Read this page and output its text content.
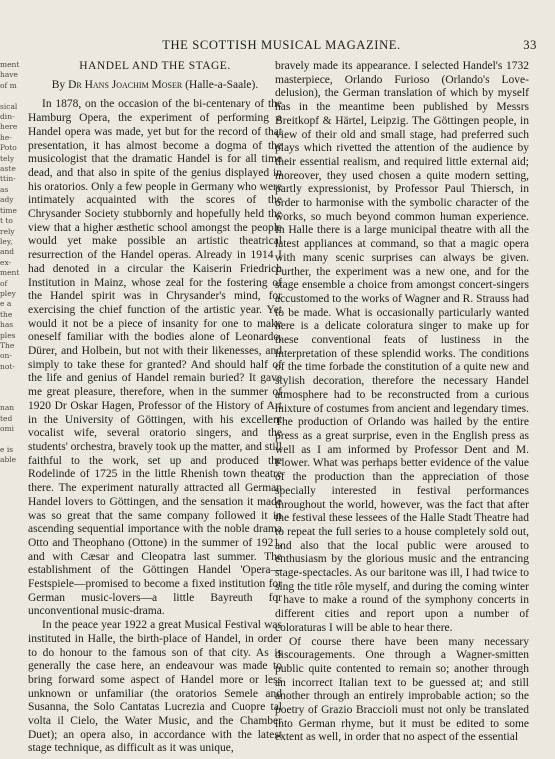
ment
have
of m

sical
din-
here
he-
Poto
tely
aste
ttin-
as
ady
time
t to
rely
ley,
and
ex-
ment
of
pley
e a
the
has
ples
The
on-
not-

nan
ted
omi

e is
able
THE SCOTTISH MUSICAL MAGAZINE.	33
HANDEL AND THE STAGE.
By Dr Hans Joachim Moser (Halle-a-Saale).

In 1878, on the occasion of the bi-centenary of the Hamburg Opera, the experiment of performing a Handel opera was made, yet but for the record of that presentation, it has almost become a dogma of the musicologist that the dramatic Handel is for all time dead, and that also in spite of the genius displayed in his oratorios. Only a few people in Germany who were intimately acquainted with the scores of the Chrysander Society stubbornly and hopefully held the view that a higher æsthetic school amongst the people would yet make possible an artistic theatrical resurrection of the Handel operas. Already in 1914 I had denoted in a circular the Kaiserin Friedrich Institution in Mainz, whose zeal for the fostering of the Handel spirit was in Chrysander's mind, for exercising the chief function of the artistic year. Yet would it not be a piece of insanity for one to make oneself familiar with the bodies alone of Leonardo, Dürer, and Holbein, but not with their likenesses, and simply to take these for granted? And should half of the life and genius of Handel remain buried? It gave me great pleasure, therefore, when in the summer of 1920 Dr Oskar Hagen, Professor of the History of Art in the University of Göttingen, with his excellent vocalist wife, several oratorio singers, and the students' orchestra, bravely took up the matter, and still faithful to the work, set up and produced the Rodelinde of 1725 in the little Rhenish town theatre there. The experiment naturally attracted all German Handel lovers to Göttingen, and the sensation it made was so great that the same company followed it in ascending sequential importance with the noble drama Otto and Theophano (Ottone) in the summer of 1921, and with Cæsar and Cleopatra last summer. The establishment of the Göttingen Handel 'Opera—Festspiele—promised to become a fixed institution for German music-lovers—a little Bayreuth for unconventional music-drama.

In the peace year 1922 a great Musical Festival was instituted in Halle, the birth-place of Handel, in order to do honour to the famous son of that city. As is generally the case here, an endeavour was made to bring forward some aspect of Handel more or less unknown or unfamiliar (the oratorios Semele and Susanna, the Solo Cantatas Lucrezia and Cuopre tal volta il Cielo, the Water Music, and the Chamber Duet); an opera also, in accordance with the latest stage technique, as difficult as it was unique,

bravely made its appearance. I selected Handel's 1732 masterpiece, Orlando Furioso (Orlando's Love-delusion), the German translation of which by myself has in the meantime been published by Messrs Breitkopf & Härtel, Leipzig. The Göttingen people, in view of their old and small stage, had preferred such plays which rivetted the attention of the audience by their essential realism, and required little external aid; moreover, they used chosen a quite modern setting, partly expressionist, by Professor Paul Thiersch, in order to harmonise with the symbolic character of the works, so much beyond common human experience. In Halle there is a large municipal theatre with all the latest appliances at command, so that a magic opera with many scenic surprises can always be given. Further, the experiment was a new one, and for the stage ensemble a choice from amongst concert-singers accustomed to the works of Wagner and R. Strauss had to be made. What is occasionally particularly wanted here is a delicate coloratura singer to make up for these conventional feats of lustiness in the interpretation of these splendid works. The conditions of the time forbade the constitution of a quite new and stylish decoration, therefore the necessary Handel atmosphere had to be reconstructed from a curious mixture of costumes from ancient and legendary times. The production of Orlando was hailed by the entire press as a great surprise, even in the English press as well as I am informed by Professor Dent and M. Flower. What was perhaps better evidence of the value of the production than the appreciation of those specially interested in festival performances throughout the world, however, was the fact that after the festival these lessees of the Halle Stadt Theatre had to repeat the full series to a house completely sold out, and also that the local public were aroused to enthusiasm by the glorious music and the entrancing stage-spectacles. As our baritone was ill, I had twice to sing the title rôle myself, and during the coming winter I have to make a round of the symphony concerts in different cities and report upon a number of coloraturas I will be able to hear there.

Of course there have been many necessary discouragements. One through a Wagner-smitten public quite contented to remain so; another through an incorrect Italian text to be guessed at; and still another through an entirely improbable action; so the poetry of Grazio Braccioli must not only be translated into German rhyme, but it must be edited to some extent as well, in order that no aspect of the essential
